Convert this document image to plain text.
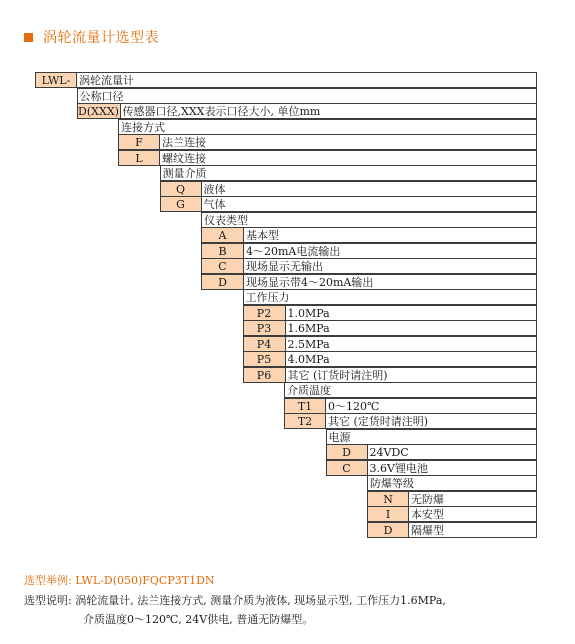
涡轮流量计选型表
LWL- 涡轮流量计
公称口径
D(XXX) 传感器口径,XXX表示口径大小, 单位mm
连接方式
F	法兰连接
L	螺纹连接
测量介质
Q	液体
G	气体
仪表类型
A	基本型
B	4～20mA电流输出
C	现场显示无输出
D	现场显示带4～20mA输出
工作压力
P2	1.0MPa
P3	1.6MPa
P4	2.5MPa
P5	4.0MPa
P6	其它 (订货时请注明)
介质温度
T1	0～120℃
T2	其它 (定货时请注明)
电源
D	24VDC
C	3.6V锂电池
防爆等级
N	无防爆
I	本安型
D	隔爆型
选型举例: LWL-D(050)FQCP3T1DN
选型说明: 涡轮流量计, 法兰连接方式, 测量介质为液体, 现场显示型, 工作压力1.6MPa,
介质温度0～120℃, 24V供电, 普通无防爆型。
